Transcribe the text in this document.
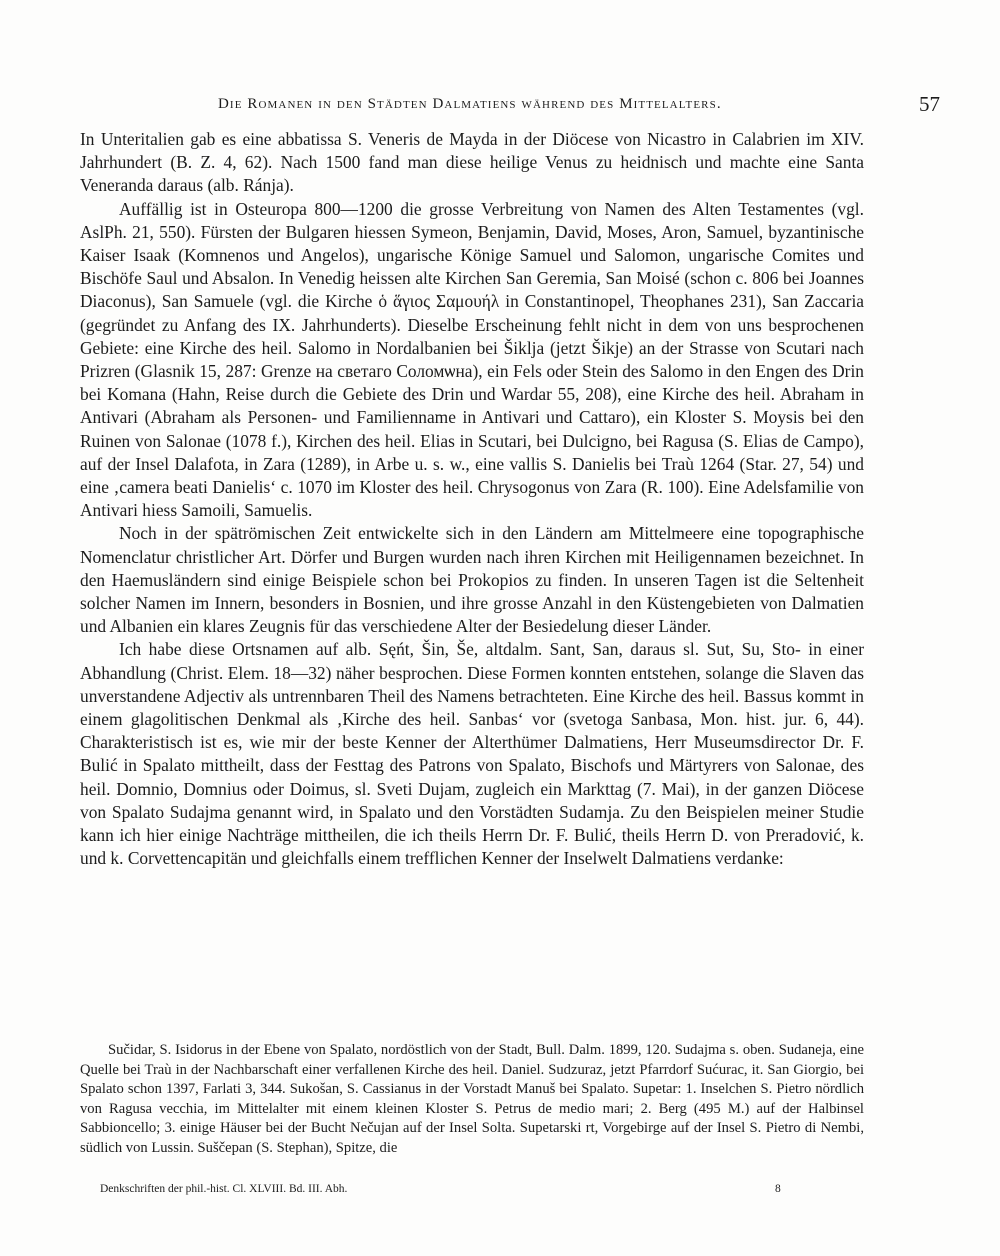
Die Romanen in den Städten Dalmatiens während des Mittelalters.	57

In Unteritalien gab es eine abbatissa S. Veneris de Mayda in der Diöcese von Nicastro in Calabrien im XIV. Jahrhundert (B. Z. 4, 62). Nach 1500 fand man diese heilige Venus zu heidnisch und machte eine Santa Veneranda daraus (alb. Ránja).

Auffällig ist in Osteuropa 800—1200 die grosse Verbreitung von Namen des Alten Testamentes (vgl. AslPh. 21, 550). Fürsten der Bulgaren hiessen Symeon, Benjamin, David, Moses, Aron, Samuel, byzantinische Kaiser Isaak (Komnenos und Angelos), ungarische Könige Samuel und Salomon, ungarische Comites und Bischöfe Saul und Absalon. In Venedig heissen alte Kirchen San Geremia, San Moisé (schon c. 806 bei Joannes Diaconus), San Samuele (vgl. die Kirche ὁ ἅγιος Σαμουήλ in Constantinopel, Theophanes 231), San Zaccaria (gegründet zu Anfang des IX. Jahrhunderts). Dieselbe Erscheinung fehlt nicht in dem von uns besprochenen Gebiete: eine Kirche des heil. Salomo in Nordalbanien bei Šiklja (jetzt Šikje) an der Strasse von Scutari nach Prizren (Glasnik 15, 287: Grenze на светаго Соломѡна), ein Fels oder Stein des Salomo in den Engen des Drin bei Komana (Hahn, Reise durch die Gebiete des Drin und Wardar 55, 208), eine Kirche des heil. Abraham in Antivari (Abraham als Personen- und Familienname in Antivari und Cattaro), ein Kloster S. Moysis bei den Ruinen von Salonae (1078 f.), Kirchen des heil. Elias in Scutari, bei Dulcigno, bei Ragusa (S. Elias de Campo), auf der Insel Dalafota, in Zara (1289), in Arbe u. s. w., eine vallis S. Danielis bei Traù 1264 (Star. 27, 54) und eine ‚camera beati Danielis‘ c. 1070 im Kloster des heil. Chrysogonus von Zara (R. 100). Eine Adelsfamilie von Antivari hiess Samoili, Samuelis.

Noch in der spätrömischen Zeit entwickelte sich in den Ländern am Mittelmeere eine topographische Nomenclatur christlicher Art. Dörfer und Burgen wurden nach ihren Kirchen mit Heiligennamen bezeichnet. In den Haemusländern sind einige Beispiele schon bei Prokopios zu finden. In unseren Tagen ist die Seltenheit solcher Namen im Innern, besonders in Bosnien, und ihre grosse Anzahl in den Küstengebieten von Dalmatien und Albanien ein klares Zeugnis für das verschiedene Alter der Besiedelung dieser Länder.

Ich habe diese Ortsnamen auf alb. Sęńt, Šin, Še, altdalm. Sant, San, daraus sl. Sut, Su, Sto- in einer Abhandlung (Christ. Elem. 18—32) näher besprochen. Diese Formen konnten entstehen, solange die Slaven das unverstandene Adjectiv als untrennbaren Theil des Namens betrachteten. Eine Kirche des heil. Bassus kommt in einem glagolitischen Denkmal als ‚Kirche des heil. Sanbas‘ vor (svetoga Sanbasa, Mon. hist. jur. 6, 44). Charakteristisch ist es, wie mir der beste Kenner der Alterthümer Dalmatiens, Herr Museumsdirector Dr. F. Bulić in Spalato mittheilt, dass der Festtag des Patrons von Spalato, Bischofs und Märtyrers von Salonae, des heil. Domnio, Domnius oder Doimus, sl. Sveti Dujam, zugleich ein Markttag (7. Mai), in der ganzen Diöcese von Spalato Sudajma genannt wird, in Spalato und den Vorstädten Sudamja. Zu den Beispielen meiner Studie kann ich hier einige Nachträge mittheilen, die ich theils Herrn Dr. F. Bulić, theils Herrn D. von Preradović, k. und k. Corvettencapitän und gleichfalls einem trefflichen Kenner der Inselwelt Dalmatiens verdanke:

Sučidar, S. Isidorus in der Ebene von Spalato, nordöstlich von der Stadt, Bull. Dalm. 1899, 120. Sudajma s. oben. Sudaneja, eine Quelle bei Traù in der Nachbarschaft einer verfallenen Kirche des heil. Daniel. Sudzuraz, jetzt Pfarrdorf Sućurac, it. San Giorgio, bei Spalato schon 1397, Farlati 3, 344. Sukošan, S. Cassianus in der Vorstadt Manuš bei Spalato. Supetar: 1. Inselchen S. Pietro nördlich von Ragusa vecchia, im Mittelalter mit einem kleinen Kloster S. Petrus de medio mari; 2. Berg (495 M.) auf der Halbinsel Sabbioncello; 3. einige Häuser bei der Bucht Nečujan auf der Insel Solta. Supetarski rt, Vorgebirge auf der Insel S. Pietro di Nembi, südlich von Lussin. Suščepan (S. Stephan), Spitze, die

Denkschriften der phil.-hist. Cl. XLVIII. Bd. III. Abh.	8
